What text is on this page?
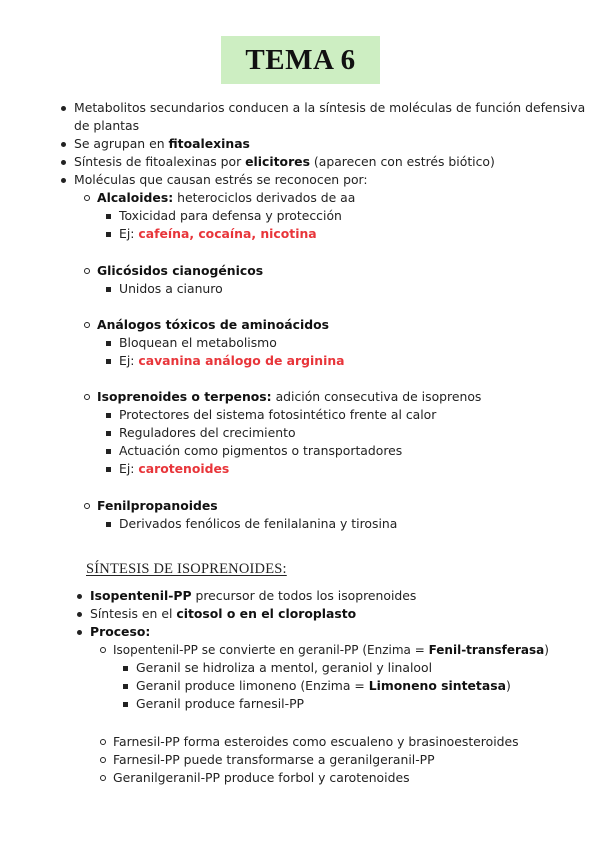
TEMA 6
Metabolitos secundarios conducen a la síntesis de moléculas de función defensiva de plantas
Se agrupan en fitoalexinas
Síntesis de fitoalexinas por elicitores (aparecen con estrés biótico)
Moléculas que causan estrés se reconocen por:
Alcaloides: heterociclos derivados de aa
Toxicidad para defensa y protección
Ej: cafeína, cocaína, nicotina
Glicósidos cianogénicos
Unidos a cianuro
Análogos tóxicos de aminoácidos
Bloquean el metabolismo
Ej: cavanina análogo de arginina
Isoprenoides o terpenos: adición consecutiva de isoprenos
Protectores del sistema fotosintético frente al calor
Reguladores del crecimiento
Actuación como pigmentos o transportadores
Ej: carotenoides
Fenilpropanoides
Derivados fenólicos de fenilalanina y tirosina
SÍNTESIS DE ISOPRENOIDES:
Isopentenil-PP precursor de todos los isoprenoides
Síntesis en el citosol o en el cloroplasto
Proceso:
Isopentenil-PP se convierte en geranil-PP (Enzima = Fenil-transferasa)
Geranil se hidroliza a mentol, geraniol y linalool
Geranil produce limoneno (Enzima = Limoneno sintetasa)
Geranil produce farnesil-PP
Farnesil-PP forma esteroides como escualeno y brasinoesteroides
Farnesil-PP puede transformarse a geranilgeranil-PP
Geranilgeranil-PP produce forbol y carotenoides
